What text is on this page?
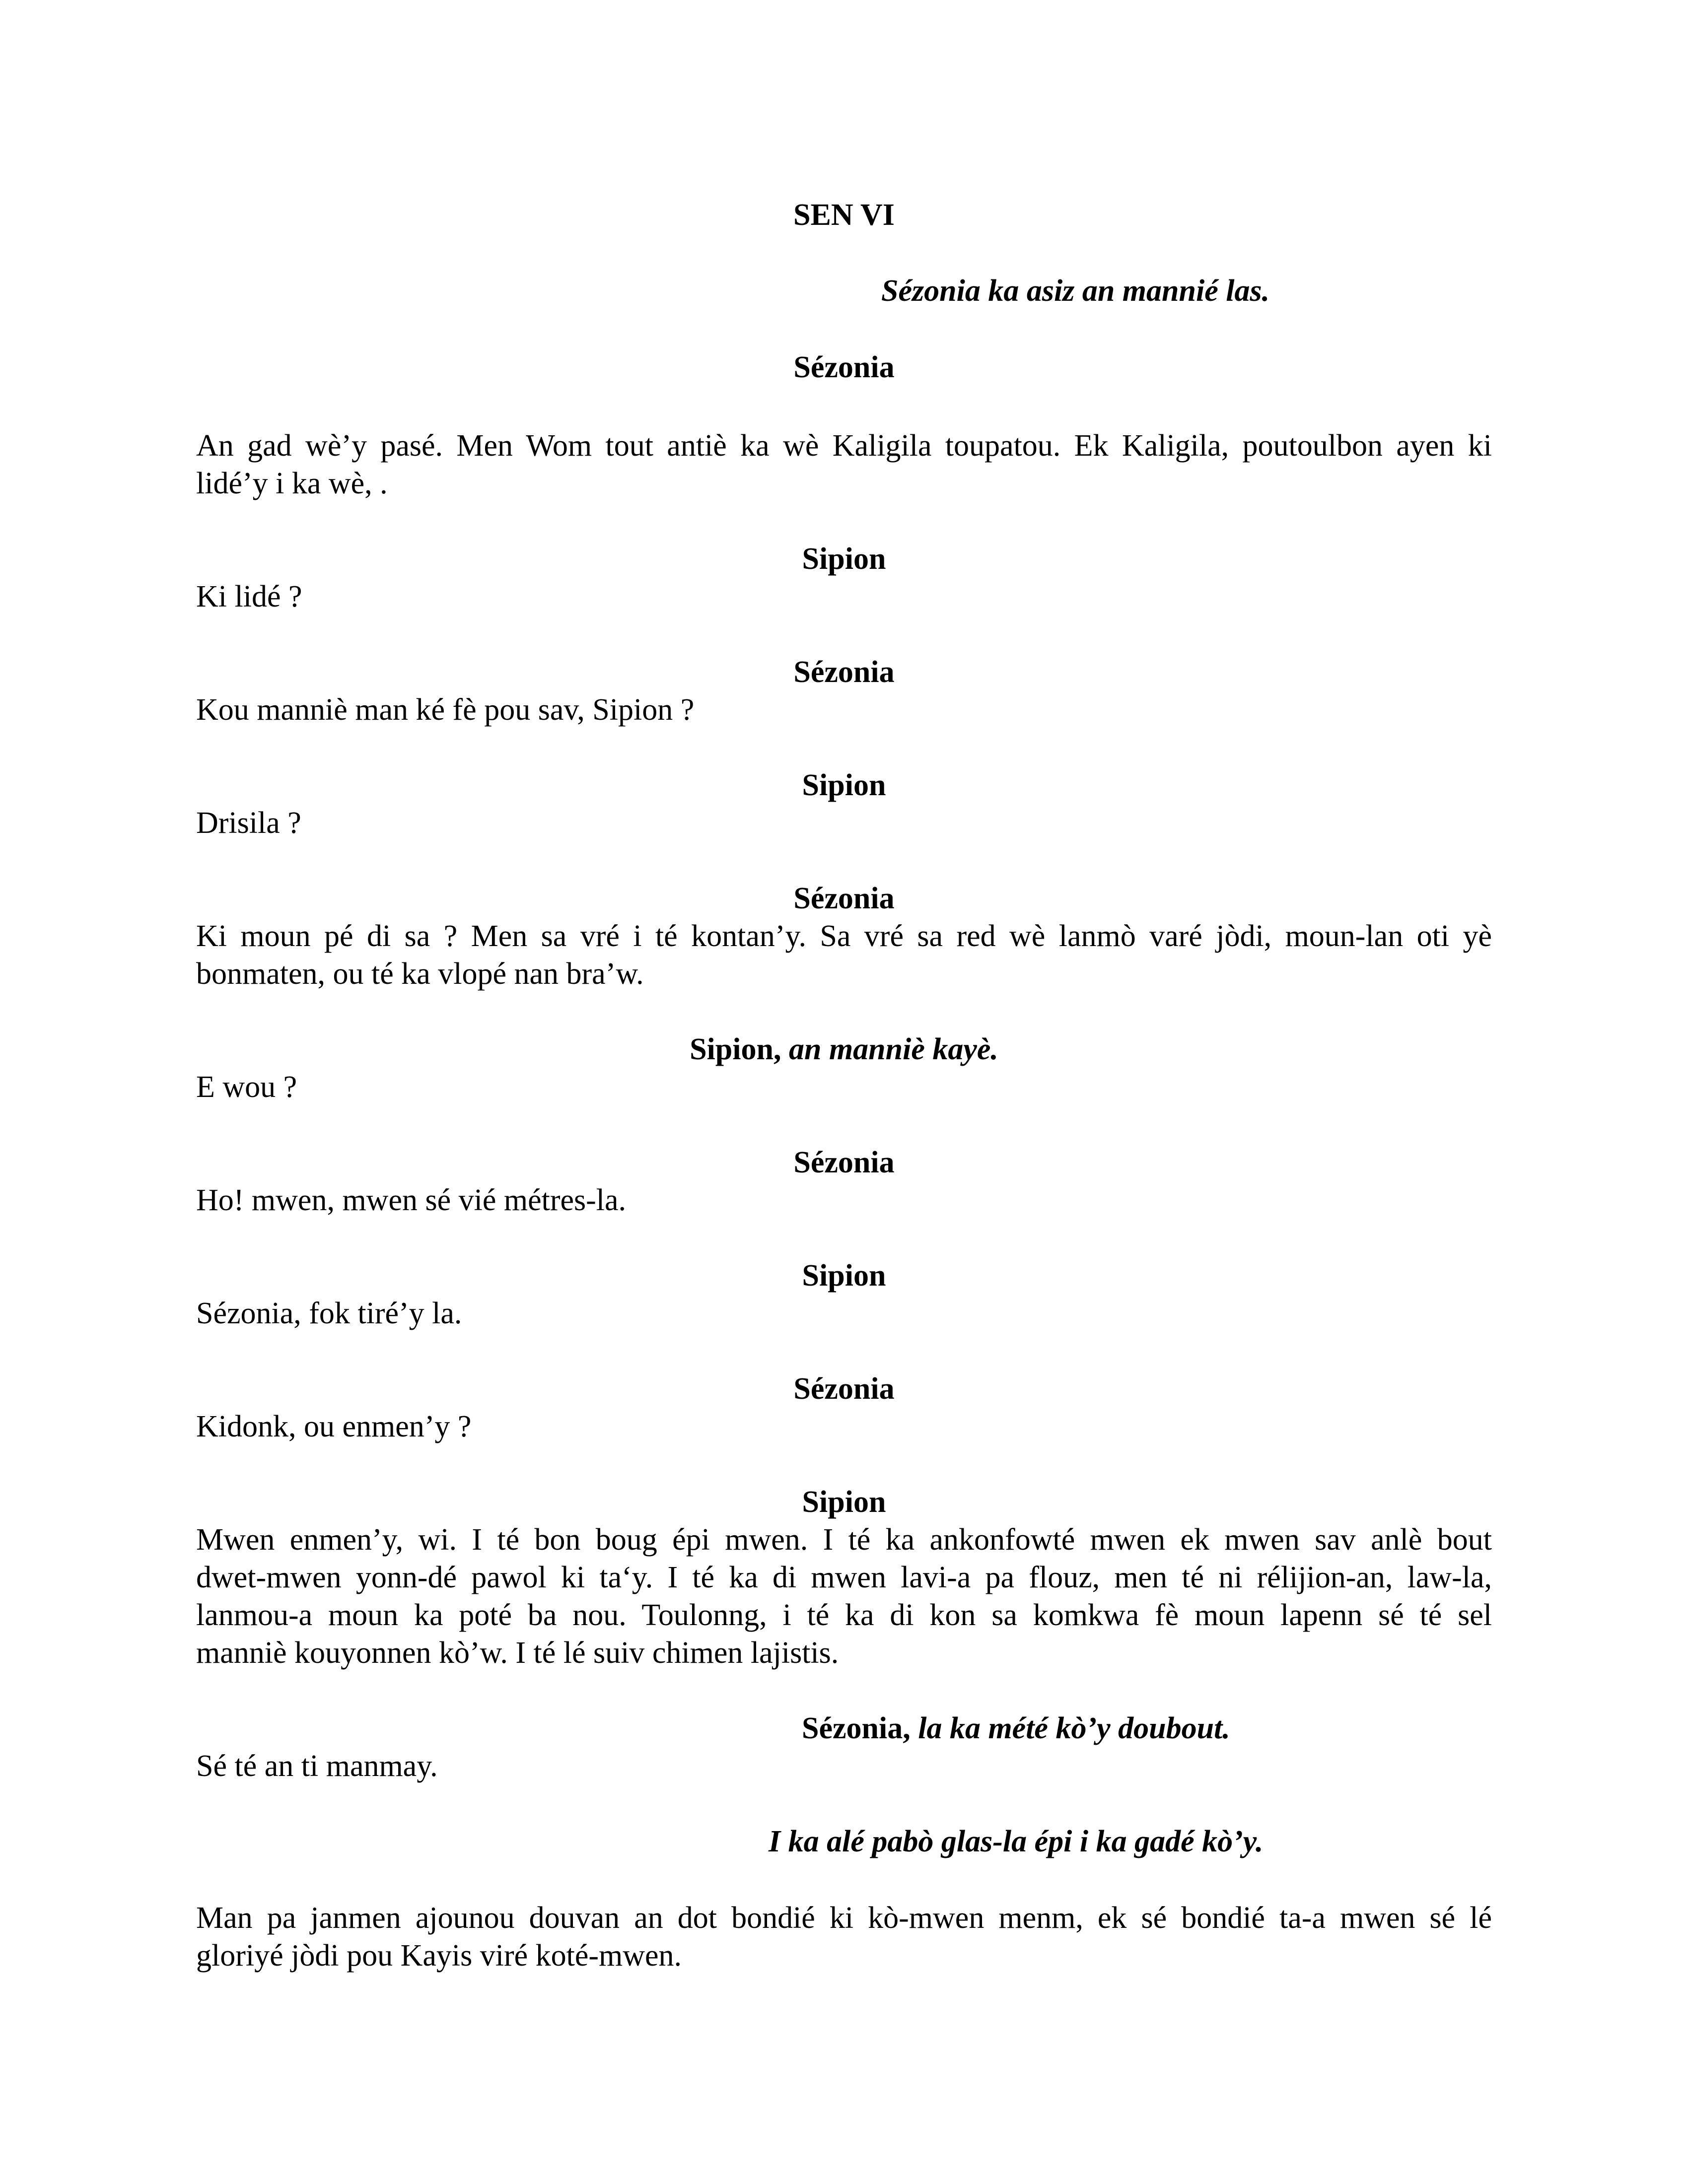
SEN VI

Sézonia ka asiz an mannié las.

Sézonia

An gad wè’y pasé. Men Wom tout antiè ka wè Kaligila toupatou. Ek Kaligila, poutoulbon ayen ki

lidé’y i ka wè, .

Sipion

Ki lidé ?

Sézonia

Kou manniè man ké fè pou sav, Sipion ?

Sipion

Drisila ?

Sézonia

Ki moun pé di sa ? Men sa vré i té kontan’y. Sa vré sa red wè lanmò varé jòdi, moun-lan oti yè

bonmaten, ou té ka vlopé nan bra’w.

Sipion, an manniè kayè.

E wou ?

Sézonia

Ho! mwen, mwen sé vié métres-la.

Sipion

Sézonia, fok tiré’y la.

Sézonia

Kidonk, ou enmen’y ?

Sipion

Mwen enmen’y, wi. I té bon boug épi mwen. I té ka ankonfowté mwen ek mwen sav anlè bout

dwet-mwen yonn-dé pawol ki ta‘y. I té ka di mwen lavi-a pa flouz, men té ni rélijion-an, law-la,

lanmou-a moun ka poté ba nou. Toulonng, i té ka di kon sa komkwa fè moun lapenn sé té sel

manniè kouyonnen kò’w. I té lé suiv chimen lajistis.

Sézonia, la ka mété kò’y doubout.

Sé té an ti manmay.

I ka alé pabò glas-la épi i ka gadé kò’y.

Man pa janmen ajounou douvan an dot bondié ki kò-mwen menm, ek sé bondié ta-a mwen sé lé

gloriyé jòdi pou Kayis viré koté-mwen.
